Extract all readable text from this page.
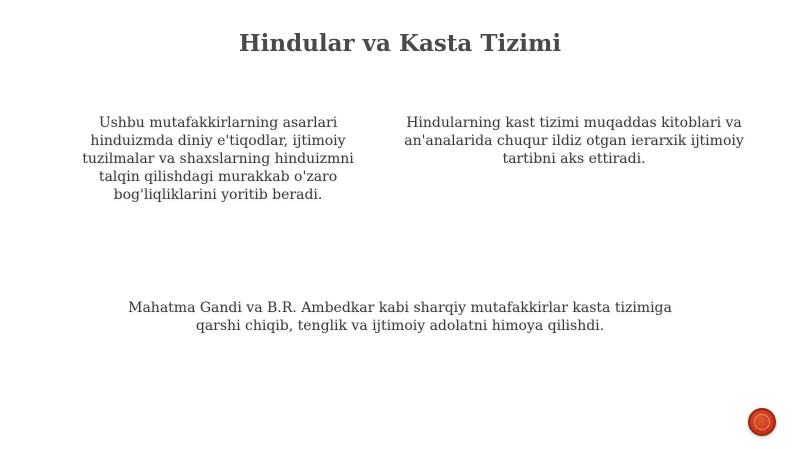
Hindular va Kasta Tizimi

Ushbu mutafakkirlarning asarlari hinduizmda diniy e'tiqodlar, ijtimoiy tuzilmalar va shaxslarning hinduizmni talqin qilishdagi murakkab o'zaro bog'liqliklarini yoritib beradi.

Hindularning kast tizimi muqaddas kitoblari va an'analarida chuqur ildiz otgan ierarxik ijtimoiy tartibni aks ettiradi.

Mahatma Gandi va B.R. Ambedkar kabi sharqiy mutafakkirlar kasta tizimiga qarshi chiqib, tenglik va ijtimoiy adolatni himoya qilishdi.
